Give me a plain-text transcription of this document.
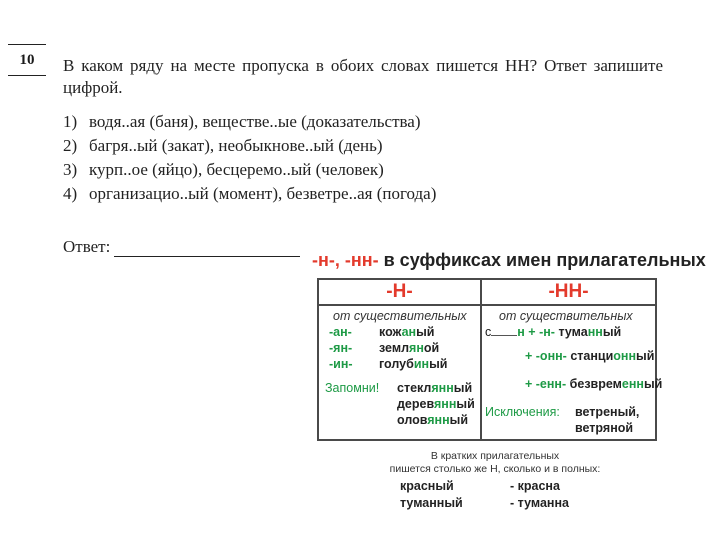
10	В каком ряду на месте пропуска в обоих словах пишется НН? Ответ запишите цифрой.
1) водя..ая (баня), веществе..ые (доказательства)
2) багря..ый (закат), необыкнове..ый (день)
3) курп..ое (яйцо), бесцеремо..ый (человек)
4) организацио..ый (момент), безветре..ая (погода)
Ответ:
-н-, -нн- в суффиксах имен прилагательных
-Н-	-НН-
от существительных
-ан- кожаный
-ян- земляной
-ин- голубиный
Запомни! стеклянный
деревянный
оловянный
от существительных
с н + -н- туманный
+ -онн- станционный
+ -енн- безвременный
Исключения: ветреный,
ветряной
В кратких прилагательных
пишется столько же Н, сколько и в полных:
красный
туманный
- красна
- туманна
